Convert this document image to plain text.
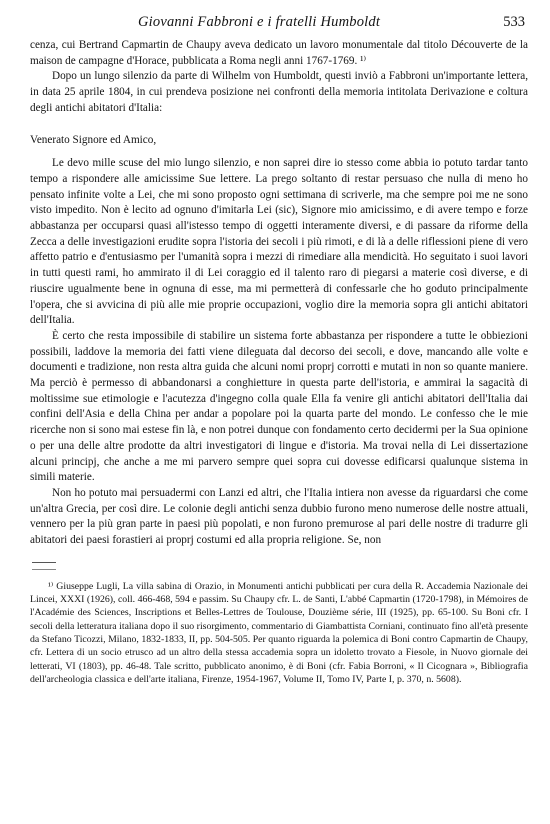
Giovanni Fabbroni e i fratelli Humboldt	533

cenza, cui Bertrand Capmartin de Chaupy aveva dedicato un lavoro monumentale dal titolo Découverte de la maison de campagne d'Horace, pubblicata a Roma negli anni 1767-1769. ¹⁾

Dopo un lungo silenzio da parte di Wilhelm von Humboldt, questi inviò a Fabbroni un'importante lettera, in data 25 aprile 1804, in cui prendeva posizione nei confronti della memoria intitolata Derivazione e coltura degli antichi abitatori d'Italia:

Venerato Signore ed Amico,

Le devo mille scuse del mio lungo silenzio, e non saprei dire io stesso come abbia io potuto tardar tanto tempo a rispondere alle amicissime Sue lettere. La prego soltanto di restar persuaso che nulla di meno ho pensato infinite volte a Lei, che mi sono proposto ogni settimana di scriverle, ma che sempre poi me ne sono visto impedito. Non è lecito ad ognuno d'imitarla Lei (sic), Signore mio amicissimo, e di avere tempo e forze abbastanza per occuparsi quasi all'istesso tempo di oggetti interamente diversi, e di passare da riforme della Zecca a delle investigazioni erudite sopra l'istoria dei secoli i più rimoti, e di là a delle riflessioni piene di vero affetto patrio e d'entusiasmo per l'umanità sopra i mezzi di rimediare alla mendicità. Ho seguitato i suoi lavori in tutti questi rami, ho ammirato il di Lei coraggio ed il talento raro di piegarsi a materie così diverse, e di riuscire ugualmente bene in ognuna di esse, ma mi permetterà di confessarle che ho goduto principalmente l'opera, che si avvicina di più alle mie proprie occupazioni, voglio dire la memoria sopra gli antichi abitatori dell'Italia.

È certo che resta impossibile di stabilire un sistema forte abbastanza per rispondere a tutte le obbiezioni possibili, laddove la memoria dei fatti viene dileguata dal decorso dei secoli, e dove, mancando alle volte e documenti e tradizione, non resta altra guida che alcuni nomi proprj corrotti e mutati in non so quante maniere. Ma perciò è permesso di abbandonarsi a conghietture in questa parte dell'istoria, e ammirai la sagacità di moltissime sue etimologie e l'acutezza d'ingegno colla quale Ella fa venire gli antichi abitatori dell'Italia dai confini dell'Asia e della China per andar a popolare poi la quarta parte del mondo. Le confesso che le mie ricerche non si sono mai estese fin là, e non potrei dunque con fondamento certo decidermi per la Sua opinione o per una delle altre prodotte da altri investigatori di lingue e d'istoria. Ma trovai nella di Lei dissertazione alcuni principj, che anche a me mi parvero sempre quei sopra cui dovesse edificarsi qualunque sistema in simili materie.

Non ho potuto mai persuadermi con Lanzi ed altri, che l'Italia intiera non avesse da riguardarsi che come un'altra Grecia, per così dire. Le colonie degli antichi senza dubbio furono meno numerose delle nostre attuali, vennero per la più gran parte in paesi più popolati, e non furono premurose al pari delle nostre di tradurre gli abitatori dei paesi forastieri ai proprj costumi ed alla propria religione. Se, non

¹⁾ Giuseppe Lugli, La villa sabina di Orazio, in Monumenti antichi pubblicati per cura della R. Accademia Nazionale dei Lincei, XXXI (1926), coll. 466-468, 594 e passim. Su Chaupy cfr. L. de Santi, L'abbé Capmartin (1720-1798), in Mémoires de l'Académie des Sciences, Inscriptions et Belles-Lettres de Toulouse, Douzième série, III (1925), pp. 65-100. Su Boni cfr. I secoli della letteratura italiana dopo il suo risorgimento, commentario di Giambattista Corniani, continuato fino all'età presente da Stefano Ticozzi, Milano, 1832-1833, II, pp. 504-505. Per quanto riguarda la polemica di Boni contro Capmartin de Chaupy, cfr. Lettera di un socio etrusco ad un altro della stessa accademia sopra un idoletto trovato a Fiesole, in Nuovo giornale dei letterati, VI (1803), pp. 46-48. Tale scritto, pubblicato anonimo, è di Boni (cfr. Fabia Borroni, « Il Cicognara », Bibliografia dell'archeologia classica e dell'arte italiana, Firenze, 1954-1967, Volume II, Tomo IV, Parte I, p. 370, n. 5608).
